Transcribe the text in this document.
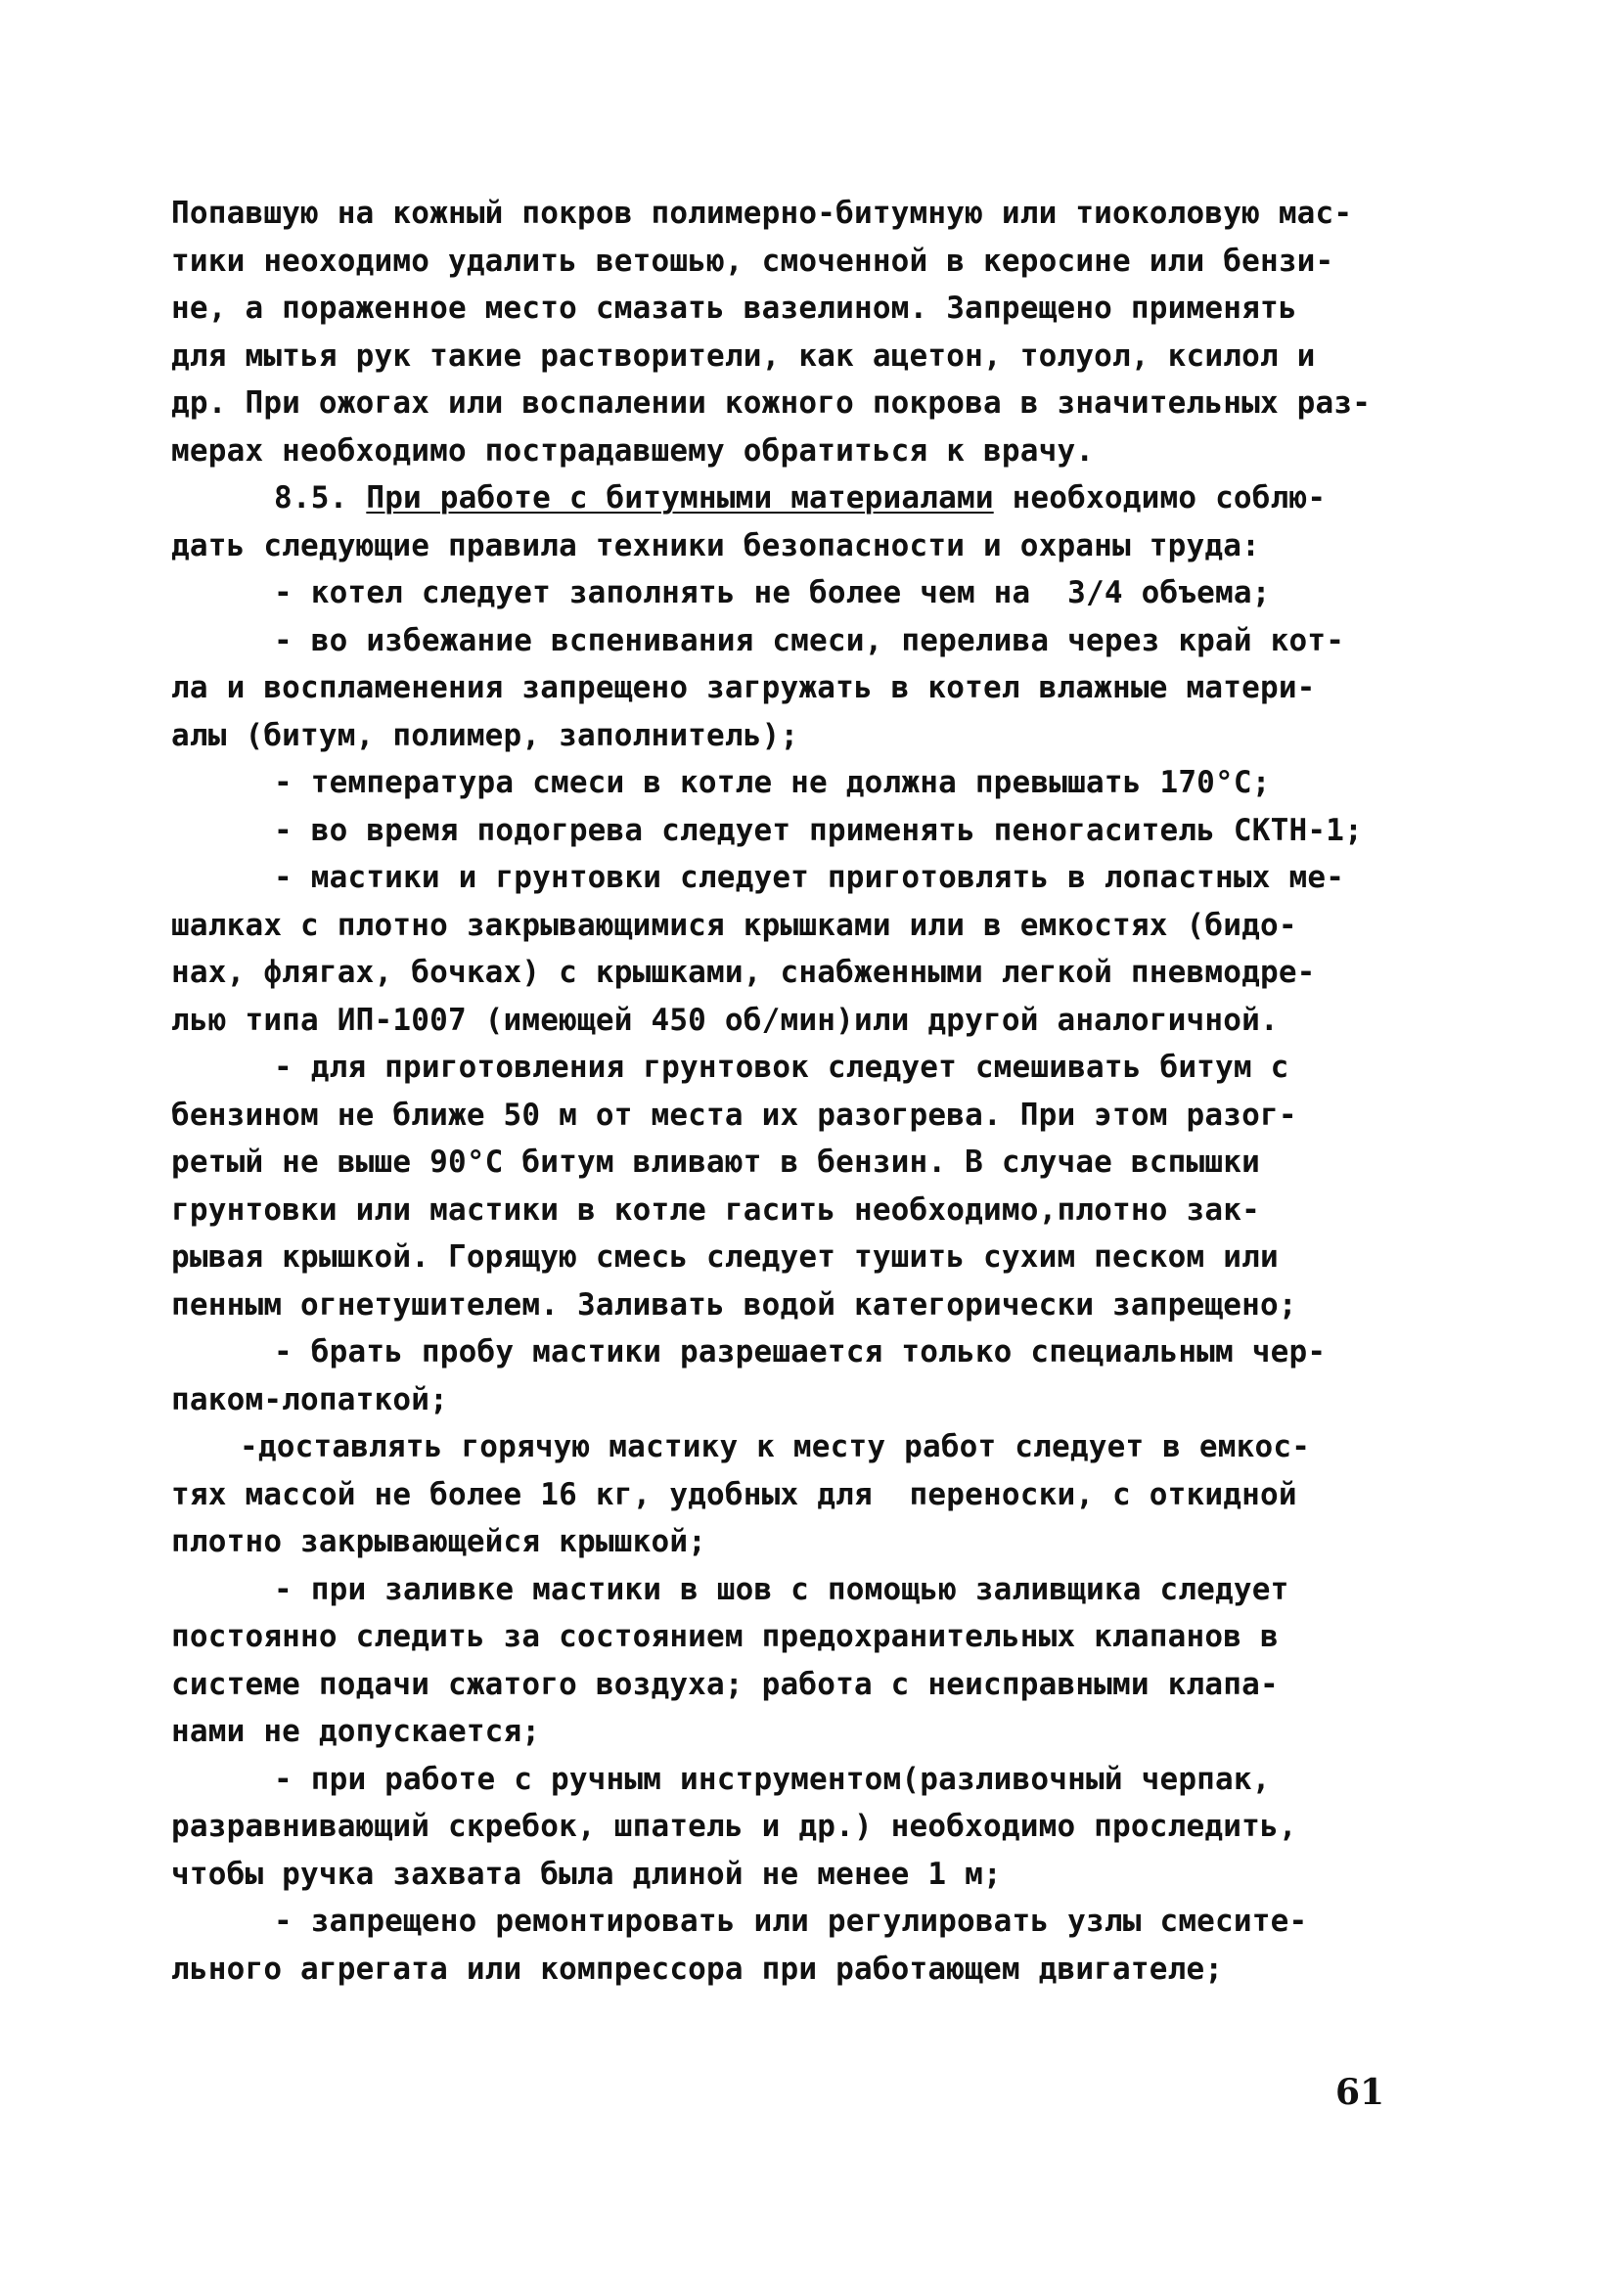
Попавшую на кожный покров полимерно-битумную или тиоколовую мас-
тики неоходимо удалить ветошью, смоченной в керосине или бензи-
не, а пораженное место смазать вазелином. Запрещено применять
для мытья рук такие растворители, как ацетон, толуол, ксилол и
др. При ожогах или воспалении кожного покрова в значительных раз-
мерах необходимо пострадавшему обратиться к врачу.
8.5. При работе с битумными материалами необходимо соблю-
дать следующие правила техники безопасности и охраны труда:
- котел следует заполнять не более чем на  3/4 объема;
- во избежание вспенивания смеси, перелива через край кот-
ла и воспламенения запрещено загружать в котел влажные матери-
алы (битум, полимер, заполнитель);
- температура смеси в котле не должна превышать 170°С;
- во время подогрева следует применять пеногаситель СКТН-1;
- мастики и грунтовки следует приготовлять в лопастных ме-
шалках с плотно закрывающимися крышками или в емкостях (бидо-
нах, флягах, бочках) с крышками, снабженными легкой пневмодре-
лью типа ИП-1007 (имеющей 450 об/мин)или другой аналогичной.
- для приготовления грунтовок следует смешивать битум с
бензином не ближе 50 м от места их разогрева. При этом разог-
ретый не выше 90°С битум вливают в бензин. В случае вспышки
грунтовки или мастики в котле гасить необходимо,плотно зак-
рывая крышкой. Горящую смесь следует тушить сухим песком или
пенным огнетушителем. Заливать водой категорически запрещено;
- брать пробу мастики разрешается только специальным чер-
паком-лопаткой;
-доставлять горячую мастику к месту работ следует в емкос-
тях массой не более 16 кг, удобных для  переноски, с откидной
плотно закрывающейся крышкой;
- при заливке мастики в шов с помощью заливщика следует
постоянно следить за состоянием предохранительных клапанов в
системе подачи сжатого воздуха; работа с неисправными клапа-
нами не допускается;
- при работе с ручным инструментом(разливочный черпак,
разравнивающий скребок, шпатель и др.) необходимо проследить,
чтобы ручка захвата была длиной не менее 1 м;
- запрещено ремонтировать или регулировать узлы смесите-
льного агрегата или компрессора при работающем двигателе;
61
